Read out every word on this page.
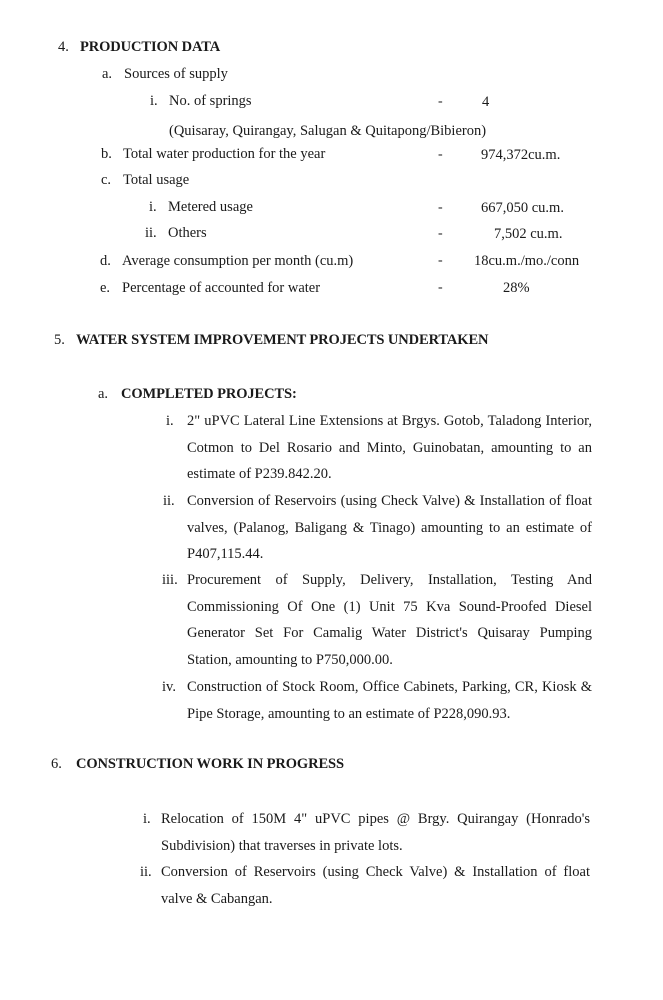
4. PRODUCTION DATA
a. Sources of supply
i. No. of springs	-	4
(Quisaray, Quirangay, Salugan & Quitapong/Bibieron)
b. Total water production for the year	-	974,372cu.m.
c. Total usage
i. Metered usage	-	667,050 cu.m.
ii. Others	-	7,502 cu.m.
d. Average consumption per month (cu.m)	- 18cu.m./mo./conn
e. Percentage of accounted for water	-	28%
5. WATER SYSTEM IMPROVEMENT PROJECTS UNDERTAKEN
a. COMPLETED PROJECTS:
i. 2" uPVC Lateral Line Extensions at Brgys. Gotob, Taladong Interior, Cotmon to Del Rosario and Minto, Guinobatan, amounting to an estimate of P239.842.20.

ii. Conversion of Reservoirs (using Check Valve) & Installation of float valves, (Palanog, Baligang & Tinago) amounting to an estimate of P407,115.44.

iii. Procurement of Supply, Delivery, Installation, Testing And Commissioning Of One (1) Unit 75 Kva Sound-Proofed Diesel Generator Set For Camalig Water District's Quisaray Pumping Station, amounting to P750,000.00.

iv. Construction of Stock Room, Office Cabinets, Parking, CR, Kiosk & Pipe Storage, amounting to an estimate of P228,090.93.

6. CONSTRUCTION WORK IN PROGRESS
i. Relocation of 150M 4" uPVC pipes @ Brgy. Quirangay (Honrado's Subdivision) that traverses in private lots.

ii. Conversion of Reservoirs (using Check Valve) & Installation of float valve & Cabangan.
